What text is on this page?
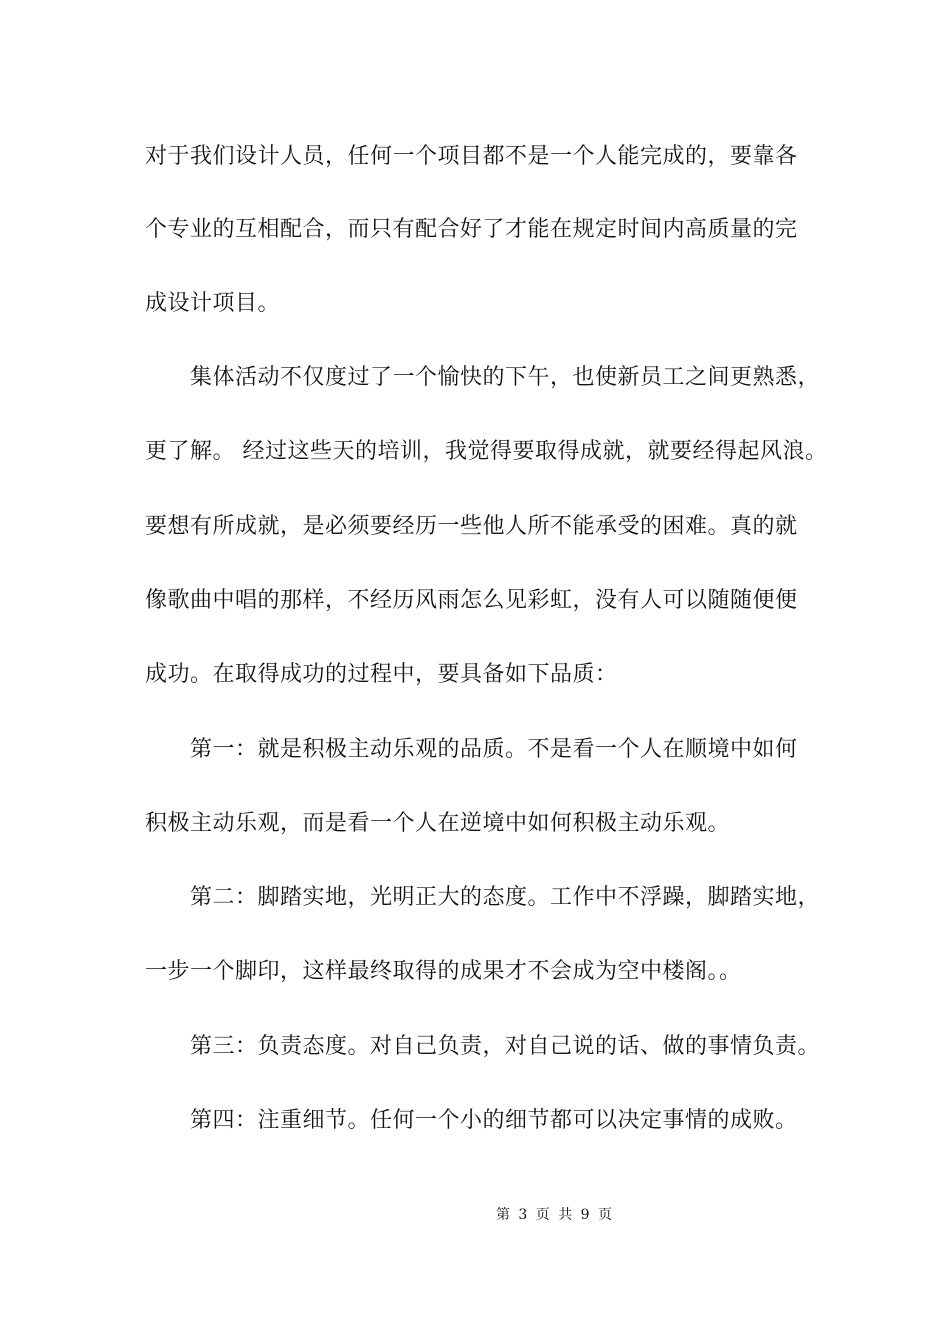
对于我们设计人员，任何一个项目都不是一个人能完成的，要靠各
个专业的互相配合，而只有配合好了才能在规定时间内高质量的完
成设计项目。
集体活动不仅度过了一个愉快的下午，也使新员工之间更熟悉，
更了解。 经过这些天的培训，我觉得要取得成就，就要经得起风浪。
要想有所成就，是必须要经历一些他人所不能承受的困难。真的就
像歌曲中唱的那样，不经历风雨怎么见彩虹，没有人可以随随便便
成功。在取得成功的过程中，要具备如下品质：
第一：就是积极主动乐观的品质。不是看一个人在顺境中如何
积极主动乐观，而是看一个人在逆境中如何积极主动乐观。
第二：脚踏实地，光明正大的态度。工作中不浮躁，脚踏实地，
一步一个脚印，这样最终取得的成果才不会成为空中楼阁。。
第三：负责态度。对自己负责，对自己说的话、做的事情负责。
第四：注重细节。任何一个小的细节都可以决定事情的成败。
第 3 页 共 9 页
